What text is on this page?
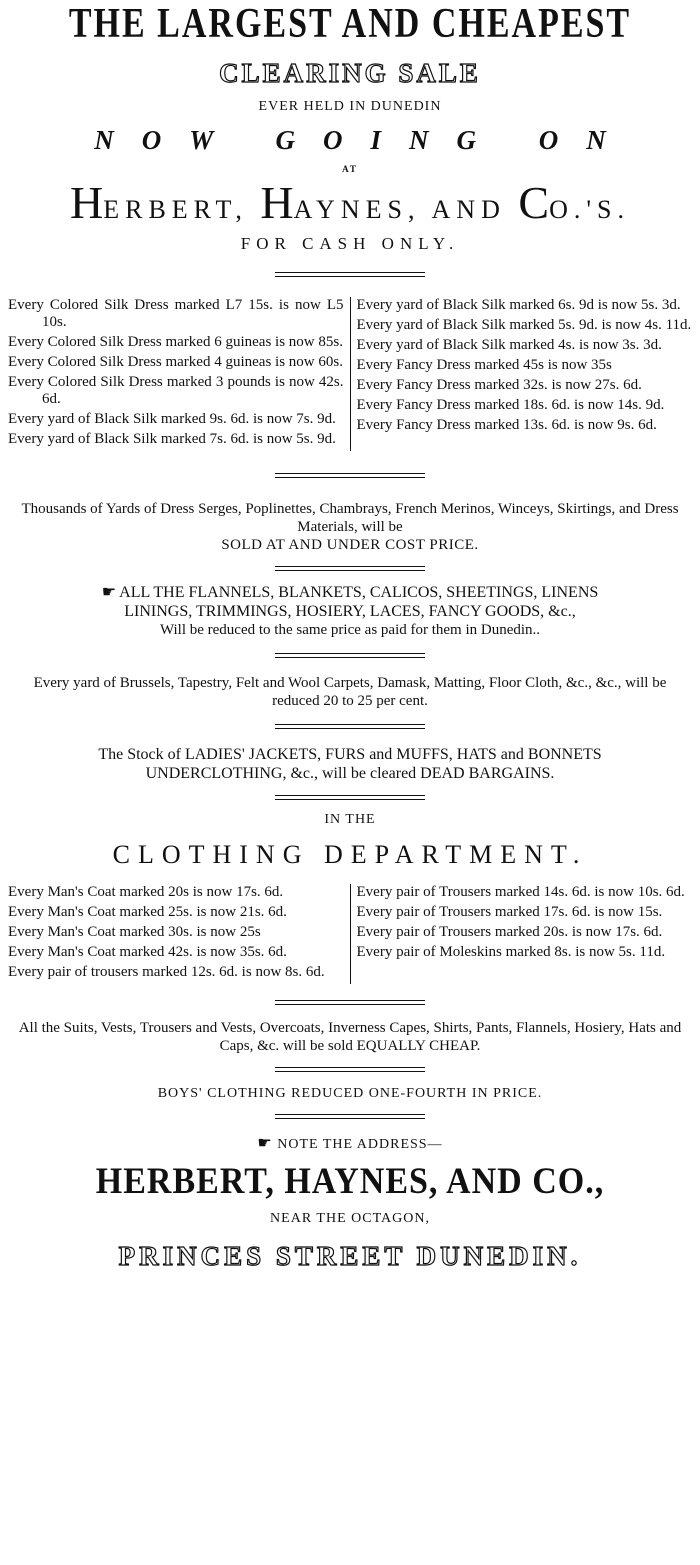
THE LARGEST AND CHEAPEST
CLEARING SALE
EVER HELD IN DUNEDIN
NOW GOING ON
AT
HERBERT, HAYNES, AND CO.'S.
FOR CASH ONLY.
Every Colored Silk Dress marked L7 15s. is now L5 10s.
Every Colored Silk Dress marked 6 guineas is now 85s.
Every Colored Silk Dress marked 4 guineas is now 60s.
Every Colored Silk Dress marked 3 pounds is now 42s. 6d.
Every yard of Black Silk marked 9s. 6d. is now 7s. 9d.
Every yard of Black Silk marked 7s. 6d. is now 5s. 9d.
Every yard of Black Silk marked 6s. 9d is now 5s. 3d.
Every yard of Black Silk marked 5s. 9d. is now 4s. 11d.
Every yard of Black Silk marked 4s. is now 3s. 3d.
Every Fancy Dress marked 45s is now 35s
Every Fancy Dress marked 32s. is now 27s. 6d.
Every Fancy Dress marked 18s. 6d. is now 14s. 9d.
Every Fancy Dress marked 13s. 6d. is now 9s. 6d.
Thousands of Yards of Dress Serges, Poplinettes, Chambrays, French Merinos, Winceys, Skirtings, and Dress Materials, will be
SOLD AT AND UNDER COST PRICE.
☛ ALL THE FLANNELS, BLANKETS, CALICOS, SHEETINGS, LINENS
LININGS, TRIMMINGS, HOSIERY, LACES, FANCY GOODS, &c.,
Will be reduced to the same price as paid for them in Dunedin..
Every yard of Brussels, Tapestry, Felt and Wool Carpets, Damask, Matting, Floor Cloth, &c., &c., will be reduced 20 to 25 per cent.
The Stock of LADIES' JACKETS, FURS and MUFFS, HATS and BONNETS
UNDERCLOTHING, &c., will be cleared DEAD BARGAINS.
IN THE
CLOTHING DEPARTMENT.
Every Man's Coat marked 20s is now 17s. 6d.
Every Man's Coat marked 25s. is now 21s. 6d.
Every Man's Coat marked 30s. is now 25s
Every Man's Coat marked 42s. is now 35s. 6d.
Every pair of trousers marked 12s. 6d. is now 8s. 6d.
Every pair of Trousers marked 14s. 6d. is now 10s. 6d.
Every pair of Trousers marked 17s. 6d. is now 15s.
Every pair of Trousers marked 20s. is now 17s. 6d.
Every pair of Moleskins marked 8s. is now 5s. 11d.
All the Suits, Vests, Trousers and Vests, Overcoats, Inverness Capes, Shirts, Pants, Flannels, Hosiery, Hats and Caps, &c. will be sold EQUALLY CHEAP.
BOYS' CLOTHING REDUCED ONE-FOURTH IN PRICE.
☛ NOTE THE ADDRESS—
HERBERT, HAYNES, AND CO.,
NEAR THE OCTAGON,
PRINCES STREET DUNEDIN.
